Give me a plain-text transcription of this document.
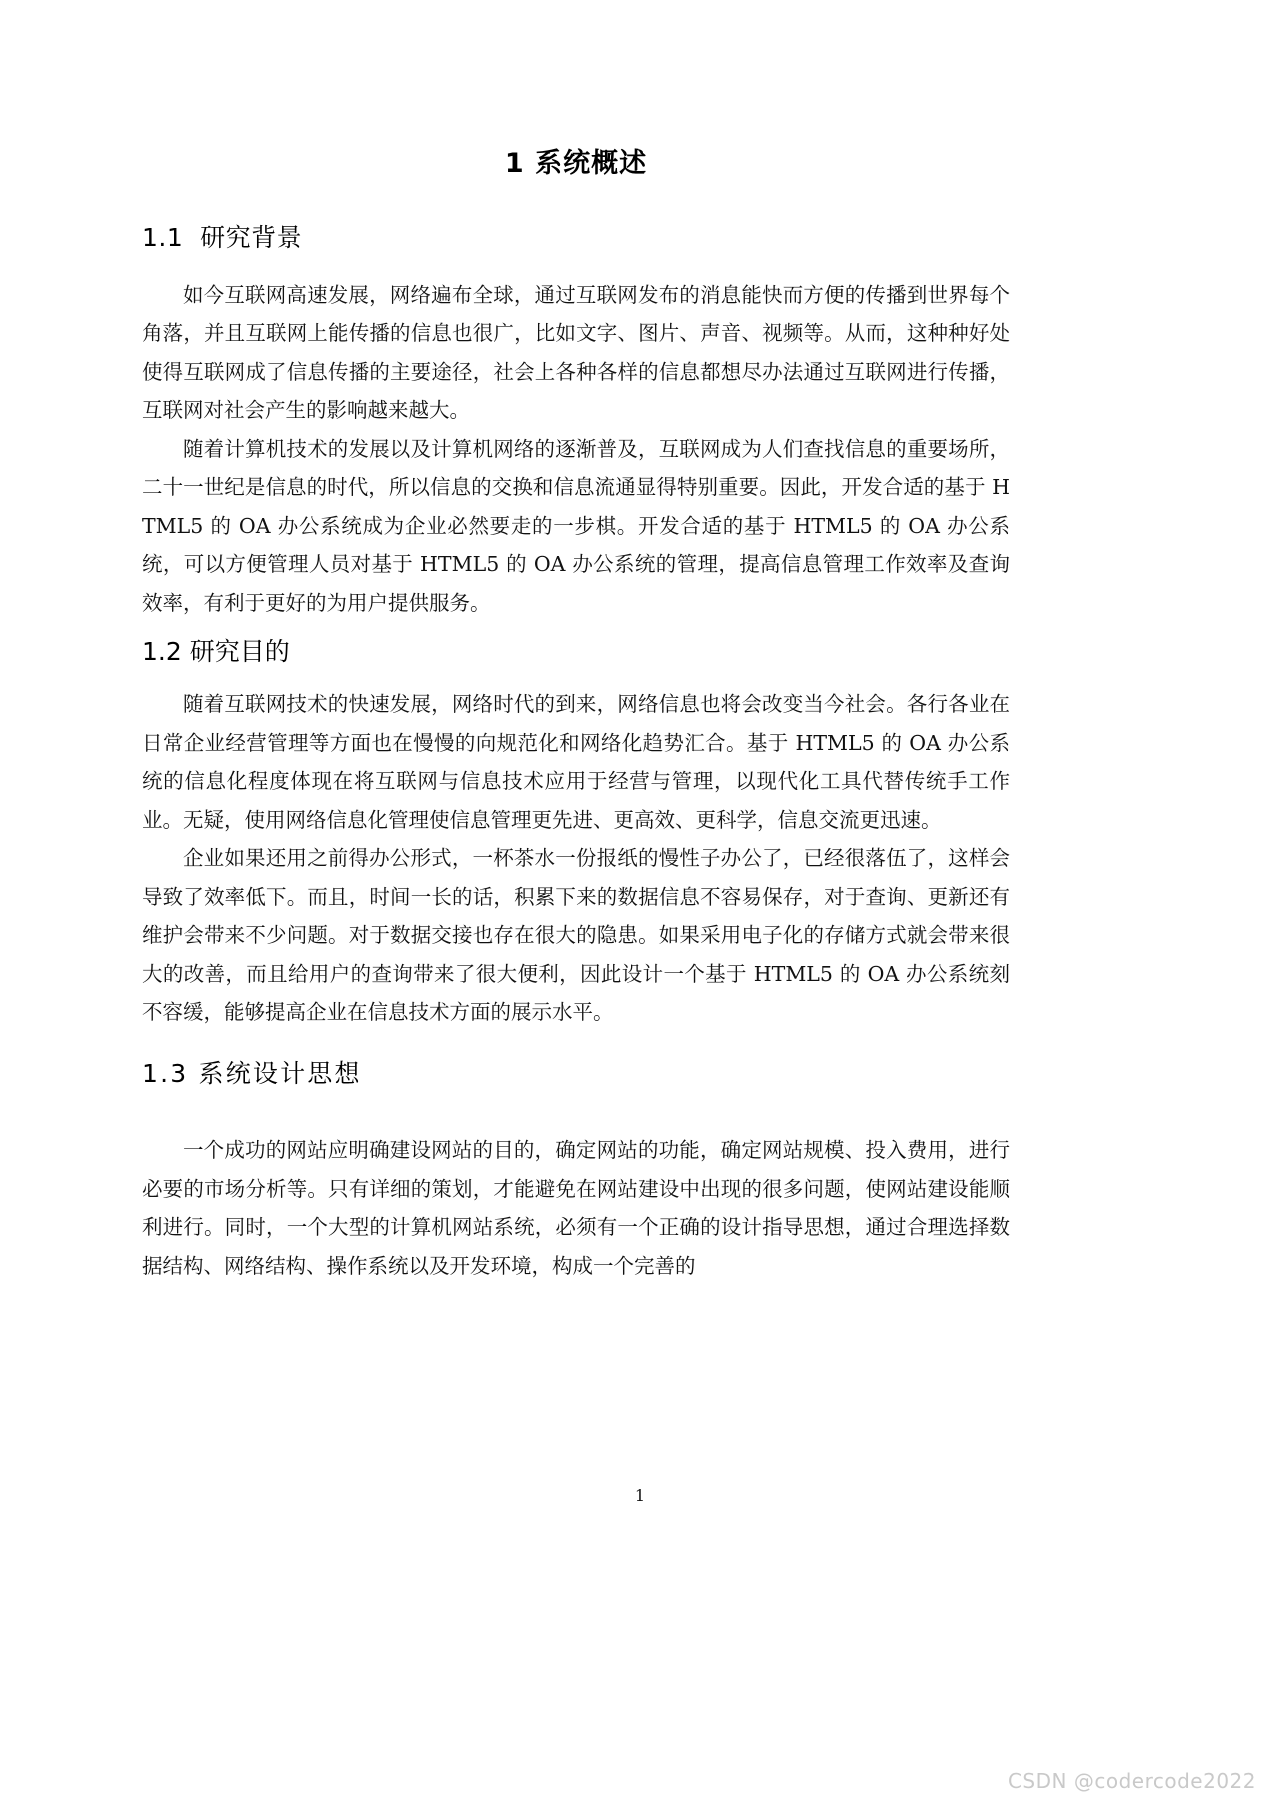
1 系统概述
1.1  研究背景

如今互联网高速发展，网络遍布全球，通过互联网发布的消息能快而方便的传播到世界每个角落，并且互联网上能传播的信息也很广，比如文字、图片、声音、视频等。从而，这种种好处使得互联网成了信息传播的主要途径，社会上各种各样的信息都想尽办法通过互联网进行传播，互联网对社会产生的影响越来越大。

随着计算机技术的发展以及计算机网络的逐渐普及，互联网成为人们查找信息的重要场所，二十一世纪是信息的时代，所以信息的交换和信息流通显得特别重要。因此，开发合适的基于 HTML5 的 OA 办公系统成为企业必然要走的一步棋。开发合适的基于 HTML5 的 OA 办公系统，可以方便管理人员对基于 HTML5 的 OA 办公系统的管理，提高信息管理工作效率及查询效率，有利于更好的为用户提供服务。

1.2 研究目的

随着互联网技术的快速发展，网络时代的到来，网络信息也将会改变当今社会。各行各业在日常企业经营管理等方面也在慢慢的向规范化和网络化趋势汇合。基于 HTML5 的 OA 办公系统的信息化程度体现在将互联网与信息技术应用于经营与管理，以现代化工具代替传统手工作业。无疑，使用网络信息化管理使信息管理更先进、更高效、更科学，信息交流更迅速。

企业如果还用之前得办公形式，一杯茶水一份报纸的慢性子办公了，已经很落伍了，这样会导致了效率低下。而且，时间一长的话，积累下来的数据信息不容易保存，对于查询、更新还有维护会带来不少问题。对于数据交接也存在很大的隐患。如果采用电子化的存储方式就会带来很大的改善，而且给用户的查询带来了很大便利，因此设计一个基于 HTML5 的 OA 办公系统刻不容缓，能够提高企业在信息技术方面的展示水平。

1.3 系统设计思想

一个成功的网站应明确建设网站的目的，确定网站的功能，确定网站规模、投入费用，进行必要的市场分析等。只有详细的策划，才能避免在网站建设中出现的很多问题，使网站建设能顺利进行。同时，一个大型的计算机网站系统，必须有一个正确的设计指导思想，通过合理选择数据结构、网络结构、操作系统以及开发环境，构成一个完善的

1
CSDN @codercode2022
